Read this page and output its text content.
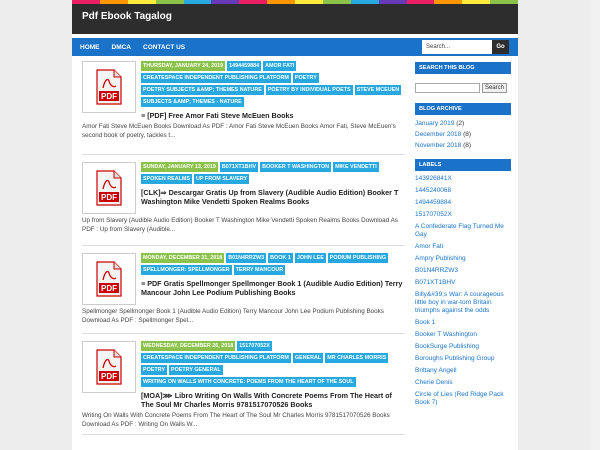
Pdf Ebook Tagalog
HOME DMCA CONTACT US	Search...	Go
PDF
THURSDAY, JANUARY 24, 2019	1494459884	AMOR FATI
CREATESPACE INDEPENDENT PUBLISHING PLATFORM	POETRY
POETRY SUBJECTS &AMP; THEMES NATURE	POETRY BY INDIVIDUAL POETS	STEVE MCEUEN
SUBJECTS &AMP; THEMES - NATURE
≡ [PDF] Free Amor Fati Steve McEuen Books
Amor Fati Steve McEuen Books Download As PDF : Amor Fati Steve McEuen Books Amor Fati, Steve McEuen's second book of poetry, tackles t...
PDF
SUNDAY, JANUARY 13, 2019	B071XT1BHV	BOOKER T WASHINGTON	MIKE VENDETTI
SPOKEN REALMS	UP FROM SLAVERY
[CLK]⇒ Descargar Gratis Up from Slavery (Audible Audio Edition) Booker T Washington Mike Vendetti Spoken Realms Books
Up from Slavery (Audible Audio Edition) Booker T Washington Mike Vendetti Spoken Realms Books Download As PDF : Up from Slavery (Audible...
PDF
MONDAY, DECEMBER 31, 2018	B01N4RRZW3	BOOK 1	JOHN LEE	PODIUM PUBLISHING
SPELLMONGER: SPELLMONGER	TERRY MANCOUR
≡ PDF Gratis Spellmonger Spellmonger Book 1 (Audible Audio Edition) Terry Mancour John Lee Podium Publishing Books
Spellmonger Spellmonger Book 1 (Audible Audio Edition) Terry Mancour John Lee Podium Publishing Books Download As PDF : Spellmonger Spel...
PDF
WEDNESDAY, DECEMBER 26, 2018	151707052X
CREATESPACE INDEPENDENT PUBLISHING PLATFORM	GENERAL	MR CHARLES MORRIS
POETRY	POETRY GENERAL
WRITING ON WALLS WITH CONCRETE: POEMS FROM THE HEART OF THE SOUL
[MOA]⋙ Libro Writing On Walls With Concrete Poems From The Heart of The Soul Mr Charles Morris 9781517070526 Books
Writing On Walls With Concrete Poems From The Heart of The Soul Mr Charles Morris 9781517070526 Books Download As PDF : Writing On Walls W...
SEARCH THIS BLOG
Search
BLOG ARCHIVE
January 2019 (2)
December 2018 (8)
November 2018 (8)
LABELS
143926841X
1445240068
1494459884
151707052X
A Confederate Flag Turned Me Gay
Amor Fati
Ampry Publishing
B01N4RRZW3
B071XT1BHV
Billy&#39;s War: A courageous little boy in war-torn Britain triumphs against the odds
Book 1
Booker T Washington
BookSurge Publishing
Boroughs Publishing Group
Brittany Angell
Cherie Denis
Circle of Lies (Red Ridge Pack Book 7)
